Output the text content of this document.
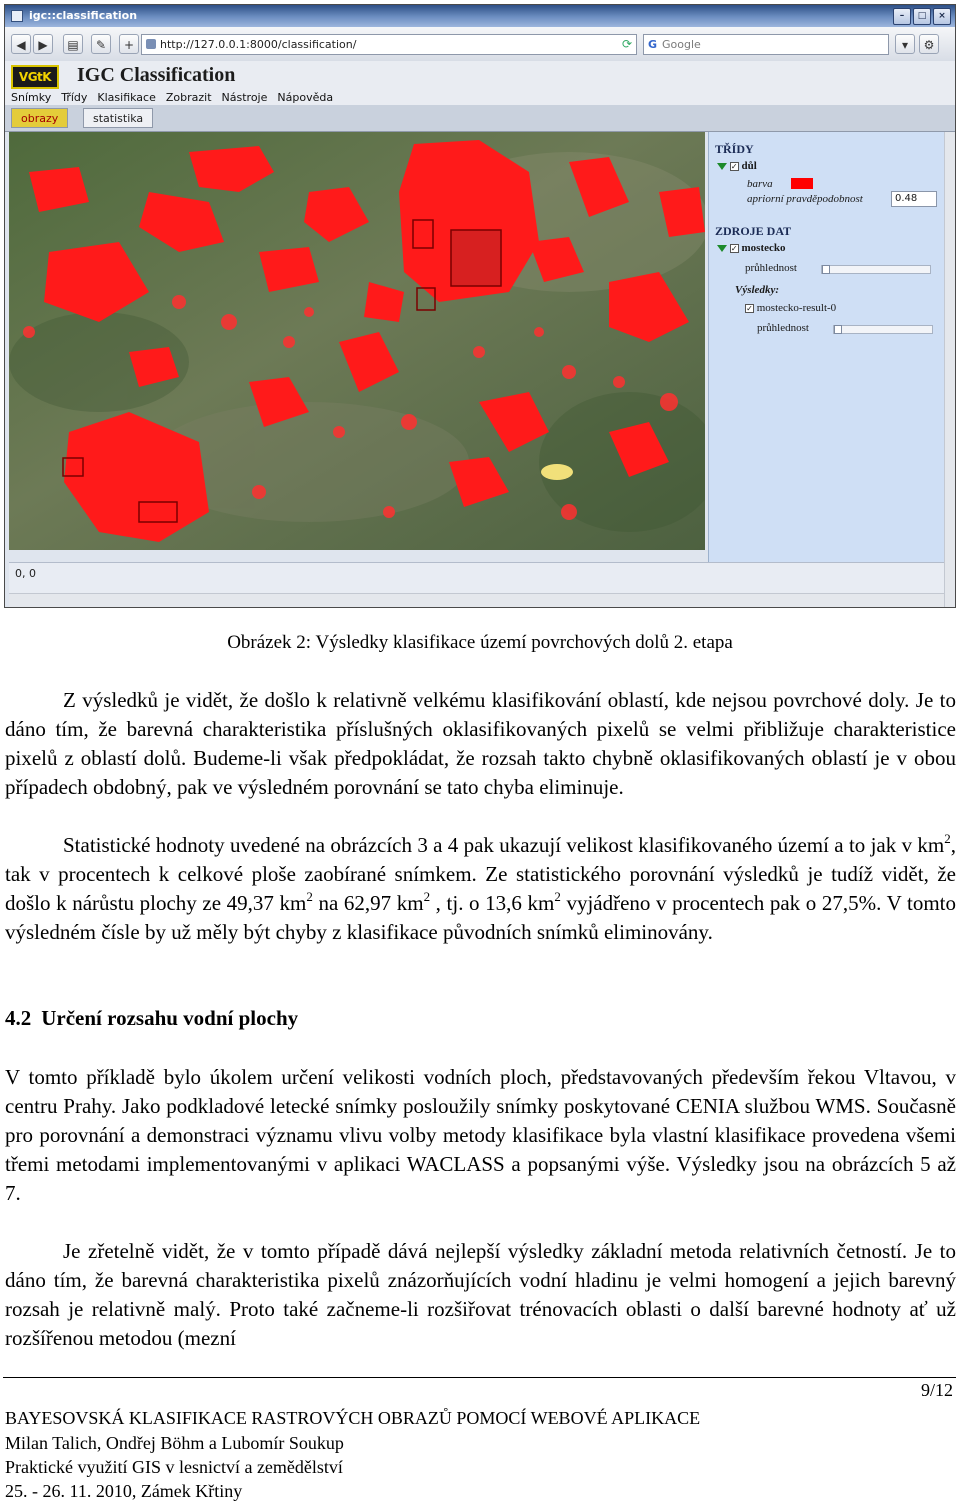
igc::classification	–	□	×
◀	▶	▤	✎	+	http://127.0.0.1:8000/classification/	⟳ G Google	▾	⚙
VGtK	IGC Classification
Snímky Třídy Klasifikace Zobrazit Nástroje Nápověda
obrazy	statistika
TŘÍDY
✓ důl
barva
apriorní pravděpodobnost	0.48
ZDROJE DAT
✓ mostecko
průhlednost
Výsledky:
✓ mostecko-result-0
průhlednost
0, 0
Obrázek 2: Výsledky klasifikace území povrchových dolů 2. etapa

Z výsledků je vidět, že došlo k relativně velkému klasifikování oblastí, kde nejsou povrchové doly. Je to dáno tím, že barevná charakteristika příslušných oklasifikovaných pixelů se velmi přibližuje charakteristice pixelů z oblastí dolů. Budeme-li však předpokládat, že rozsah takto chybně oklasifikovaných oblastí je v obou případech obdobný, pak ve výsledném porovnání se tato chyba eliminuje.

Statistické hodnoty uvedené na obrázcích 3 a 4 pak ukazují velikost klasifikovaného území a to jak v $km^2$, tak v procentech k celkové ploše zaobírané snímkem. Ze statistického porovnání výsledků je tudíž vidět, že došlo k nárůstu plochy ze 49,37 $km^2$ na 62,97 $km^2$ , tj. o 13,6 $km^2$ vyjádřeno v procentech pak o 27,5%. V tomto výsledném čísle by už měly být chyby z klasifikace původních snímků eliminovány.

4.2 Určení rozsahu vodní plochy

V tomto příkladě bylo úkolem určení velikosti vodních ploch, představovaných především řekou Vltavou, v centru Prahy. Jako podkladové letecké snímky posloužily snímky poskytované CENIA službou WMS. Současně pro porovnání a demonstraci významu vlivu volby metody klasifikace byla vlastní klasifikace provedena všemi třemi metodami implementovanými v aplikaci WACLASS a popsanými výše. Výsledky jsou na obrázcích 5 až 7.

Je zřetelně vidět, že v tomto případě dává nejlepší výsledky základní metoda relativních četností. Je to dáno tím, že barevná charakteristika pixelů znázorňujících vodní hladinu je velmi homogení a jejich barevný rozsah je relativně malý. Proto také začneme-li rozšiřovat trénovacích oblasti o další barevné hodnoty ať už rozšířenou metodou (mezní

9/12
BAYESOVSKÁ KLASIFIKACE RASTROVÝCH OBRAZŮ POMOCÍ WEBOVÉ APLIKACE
Milan Talich, Ondřej Böhm a Lubomír Soukup
Praktické využití GIS v lesnictví a zemědělství
25. - 26. 11. 2010, Zámek Křtiny
